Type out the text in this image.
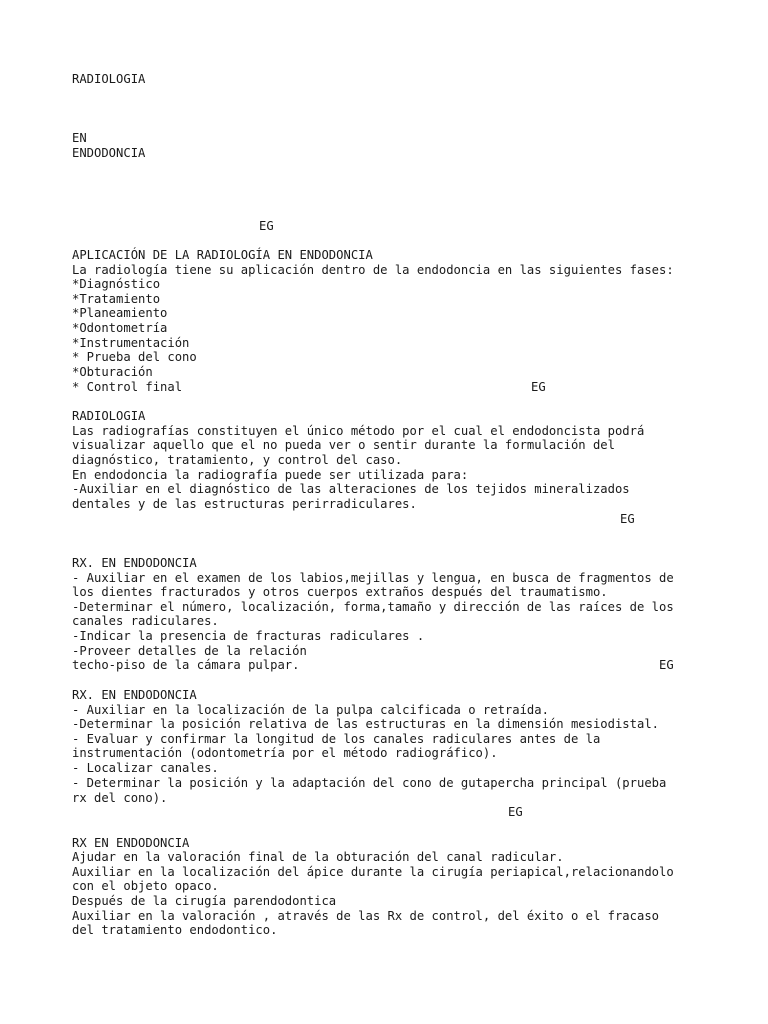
RADIOLOGIA
EN
ENDODONCIA
EG
APLICACIÓN DE LA RADIOLOGÍA EN ENDODONCIA
La radiología tiene su aplicación dentro de la endodoncia en las siguientes fases:
*Diagnóstico
*Tratamiento
*Planeamiento
*Odontometría
*Instrumentación
* Prueba del cono
*Obturación
* Control final	EG
RADIOLOGIA
Las radiografías constituyen el único método por el cual el endodoncista podrá
visualizar aquello que el no pueda ver o sentir durante la formulación del
diagnóstico, tratamiento, y control del caso.
En endodoncia la radiografía puede ser utilizada para:
-Auxiliar en el diagnóstico de las alteraciones de los tejidos mineralizados
dentales y de las estructuras perirradiculares.
EG
RX. EN ENDODONCIA
- Auxiliar en el examen de los labios,mejillas y lengua, en busca de fragmentos de
los dientes fracturados y otros cuerpos extraños después del traumatismo.
-Determinar el número, localización, forma,tamaño y dirección de las raíces de los
canales radiculares.
-Indicar la presencia de fracturas radiculares .
-Proveer detalles de la relación
techo-piso de la cámara pulpar.	EG
RX. EN ENDODONCIA
- Auxiliar en la localización de la pulpa calcificada o retraída.
-Determinar la posición relativa de las estructuras en la dimensión mesiodistal.
- Evaluar y confirmar la longitud de los canales radiculares antes de la
instrumentación (odontometría por el método radiográfico).
- Localizar canales.
- Determinar la posición y la adaptación del cono de gutapercha principal (prueba
rx del cono).
EG
RX EN ENDODONCIA
Ajudar en la valoración final de la obturación del canal radicular.
Auxiliar en la localización del ápice durante la cirugía periapical,relacionandolo
con el objeto opaco.
Después de la cirugía parendodontica
Auxiliar en la valoración , através de las Rx de control, del éxito o el fracaso
del tratamiento endodontico.
